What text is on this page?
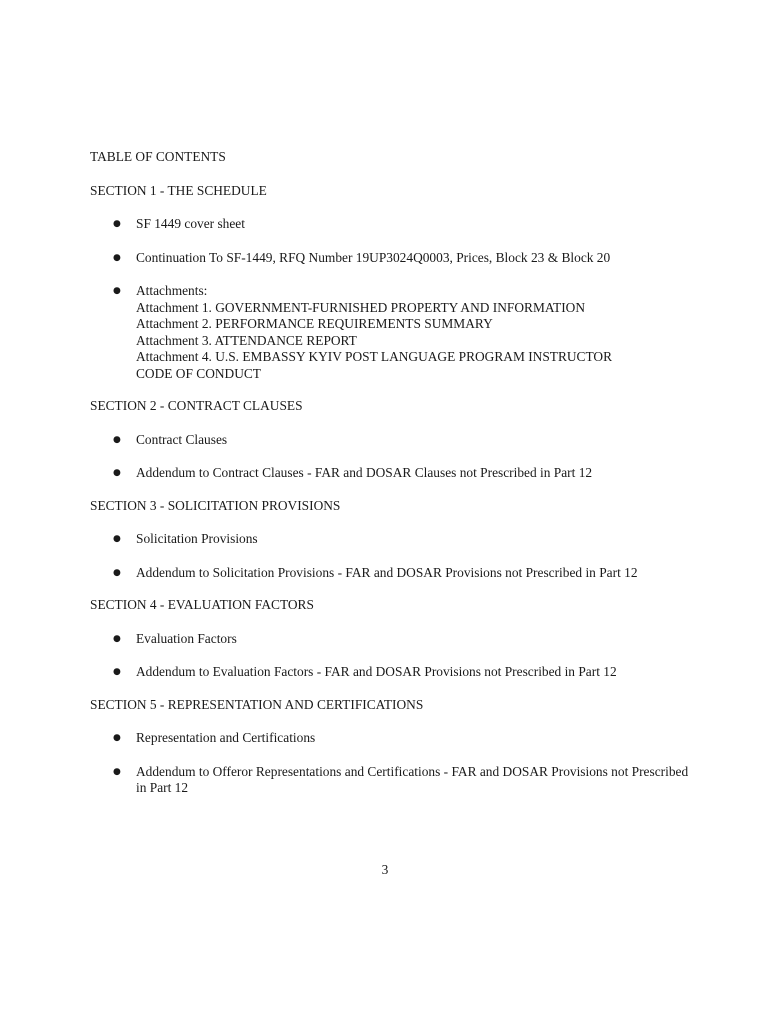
TABLE OF CONTENTS
SECTION 1 - THE SCHEDULE
● SF 1449 cover sheet
● Continuation To SF-1449, RFQ Number 19UP3024Q0003, Prices, Block 23 & Block 20
● Attachments:
Attachment 1. GOVERNMENT-FURNISHED PROPERTY AND INFORMATION
Attachment 2. PERFORMANCE REQUIREMENTS SUMMARY
Attachment 3. ATTENDANCE REPORT
Attachment 4. U.S. EMBASSY KYIV POST LANGUAGE PROGRAM INSTRUCTOR
CODE OF CONDUCT
SECTION 2 - CONTRACT CLAUSES
● Contract Clauses
● Addendum to Contract Clauses - FAR and DOSAR Clauses not Prescribed in Part 12
SECTION 3 - SOLICITATION PROVISIONS
● Solicitation Provisions
● Addendum to Solicitation Provisions - FAR and DOSAR Provisions not Prescribed in Part 12
SECTION 4 - EVALUATION FACTORS
● Evaluation Factors
● Addendum to Evaluation Factors - FAR and DOSAR Provisions not Prescribed in Part 12
SECTION 5 - REPRESENTATION AND CERTIFICATIONS
● Representation and Certifications
● Addendum to Offeror Representations and Certifications - FAR and DOSAR Provisions not Prescribed in Part 12
3
